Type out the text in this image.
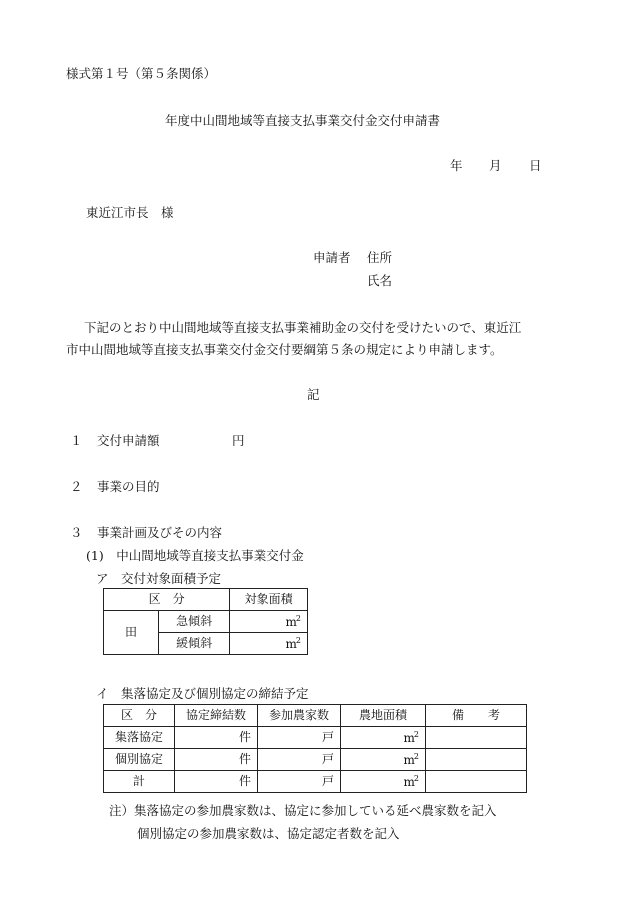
様式第１号（第５条関係）
年度中山間地域等直接支払事業交付金交付申請書
年 月 日
東近江市長　様
申請者 住所
氏名
下記のとおり中山間地域等直接支払事業補助金の交付を受けたいので、東近江
市中山間地域等直接支払事業交付金交付要綱第５条の規定により申請します。
記
１ 交付申請額	円
２ 事業の目的
３ 事業計画及びその内容
(1)　中山間地域等直接支払事業交付金
ア　交付対象面積予定
区　分		対象面積
田	急傾斜	$m^2$
	緩傾斜	$m^2$
イ　集落協定及び個別協定の締結予定
区　分	協定締結数	参加農家数	農地面積	備　　考
集落協定	件	戸	$m^2$	
個別協定	件	戸	$m^2$	
計	件	戸	$m^2$	
注）集落協定の参加農家数は、協定に参加している延べ農家数を記入
個別協定の参加農家数は、協定認定者数を記入
